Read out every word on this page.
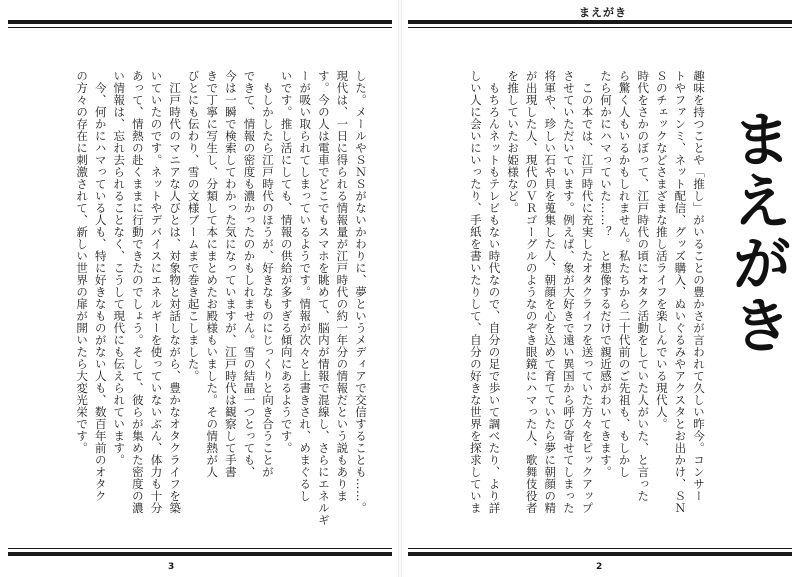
した。メールやＳＮＳがないかわりに、夢というメディアで交信することも……。
現代は、一日に得られる情報量が江戸時代の約一年分の情報だという説もありま
す。今の人は電車でどこでもスマホを眺めて、脳内が情報で混線し、さらにエネルギ
ーが吸い取られてしまっているようです。情報が次々と上書きされ、めまぐるし
いです。推し活にしても、情報の供給が多すぎる傾向にあるようです。
　もしかしたら江戸時代のほうが、好きなものにじっくりと向き合うことが
できて、情報の密度も濃かったのかもしれません。雪の結晶一つとっても、
今は一瞬で検索してわかった気になっていますが、江戸時代は観察して手書
きで丁寧に写生し、分類して本にまとめたお殿様もいました。その情熱が人
びとにも伝わり、雪の文様ブームまで巻き起こしました。
　江戸時代のマニアな人びとは、対象物と対話しながら、豊かなオタクライフを築
いていたのです。ネットやデバイスにエネルギーを使っていないぶん、体力も十分
あって、情熱の赴くままに行動できたのでしょう。そして、彼らが集めた密度の濃
い情報は、忘れ去られることなく、こうして現代にも伝えられています。
　今、何かにハマっている人も、特に好きなものがない人も、数百年前のオタク
の方々の存在に刺激されて、新しい世界の扉が開いたら大変光栄です。
3
まえがき
まえがき
趣味を持つことや「推し」がいることの豊かさが言われて久しい昨今。コンサー
トやファンミ、ネット配信、グッズ購入、ぬいぐるみやアクスタとお出かけ、ＳＮ
Ｓのチェックなどさまざまな推し活ライフを楽しんでいる現代人。
時代をさかのぼって、江戸時代の頃にオタク活動をしていた人がいた、と言った
ら驚く人もいるかもしれません。私たちから二十代前のご先祖も、もしかし
たら何かにハマっていた……？　と想像するだけで親近感がわいてきます。
　この本では、江戸時代に充実したオタクライフを送っていた方々をピックアップ
させていただいています。例えば、象が大好きで遠い異国から呼び寄せてしまった
将軍や、珍しい石や貝を蒐集した人、朝顔を心を込めて育てていたら夢に朝顔の精
が出現した人、現代のＶＲゴーグルのようなのぞき眼鏡にハマった人、歌舞伎役者
を推していたお姫様など。
　もちろんネットもテレビもない時代なので、自分の足で歩いて調べたり、より詳
しい人に会いにいったり、手紙を書いたりして、自分の好きな世界を探求していま
2
